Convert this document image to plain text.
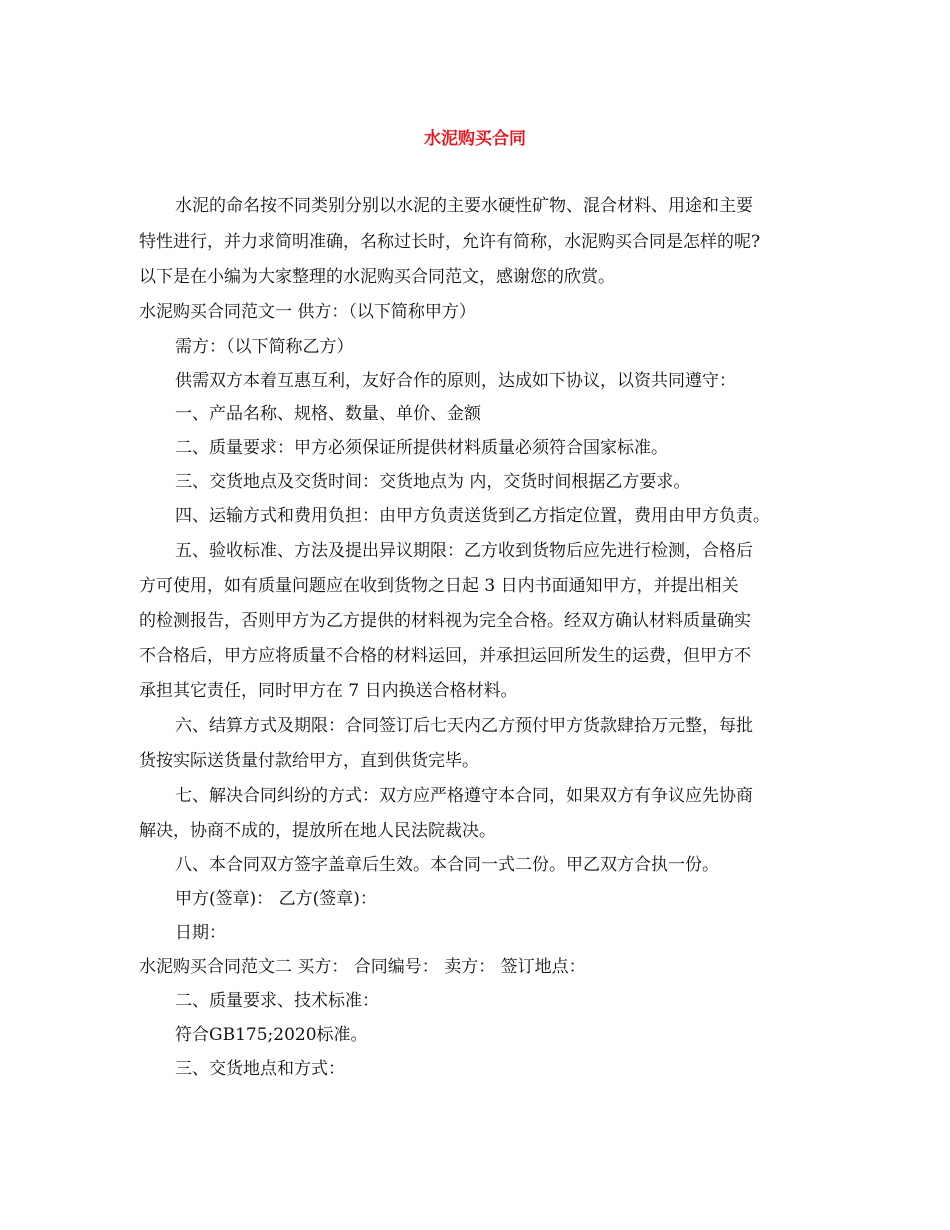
水泥购买合同
水泥的命名按不同类别分别以水泥的主要水硬性矿物、混合材料、用途和主要
特性进行，并力求简明准确，名称过长时，允许有简称，水泥购买合同是怎样的呢?
以下是在小编为大家整理的水泥购买合同范文，感谢您的欣赏。
水泥购买合同范文一 供方：（以下简称甲方）
需方：（以下简称乙方）
供需双方本着互惠互利，友好合作的原则，达成如下协议，以资共同遵守：
一、产品名称、规格、数量、单价、金额
二、质量要求：甲方必须保证所提供材料质量必须符合国家标准。
三、交货地点及交货时间：交货地点为 内，交货时间根据乙方要求。
四、运输方式和费用负担：由甲方负责送货到乙方指定位置，费用由甲方负责。
五、验收标准、方法及提出异议期限：乙方收到货物后应先进行检测，合格后
方可使用，如有质量问题应在收到货物之日起 3 日内书面通知甲方，并提出相关
的检测报告，否则甲方为乙方提供的材料视为完全合格。经双方确认材料质量确实
不合格后，甲方应将质量不合格的材料运回，并承担运回所发生的运费，但甲方不
承担其它责任，同时甲方在 7 日内换送合格材料。
六、结算方式及期限：合同签订后七天内乙方预付甲方货款肆拾万元整，每批
货按实际送货量付款给甲方，直到供货完毕。
七、解决合同纠纷的方式：双方应严格遵守本合同，如果双方有争议应先协商
解决，协商不成的，提放所在地人民法院裁决。
八、本合同双方签字盖章后生效。本合同一式二份。甲乙双方合执一份。
甲方(签章)： 乙方(签章)：
日期：
水泥购买合同范文二 买方： 合同编号： 卖方： 签订地点：
二、质量要求、技术标准：
符合GB175;2020标准。
三、交货地点和方式：
